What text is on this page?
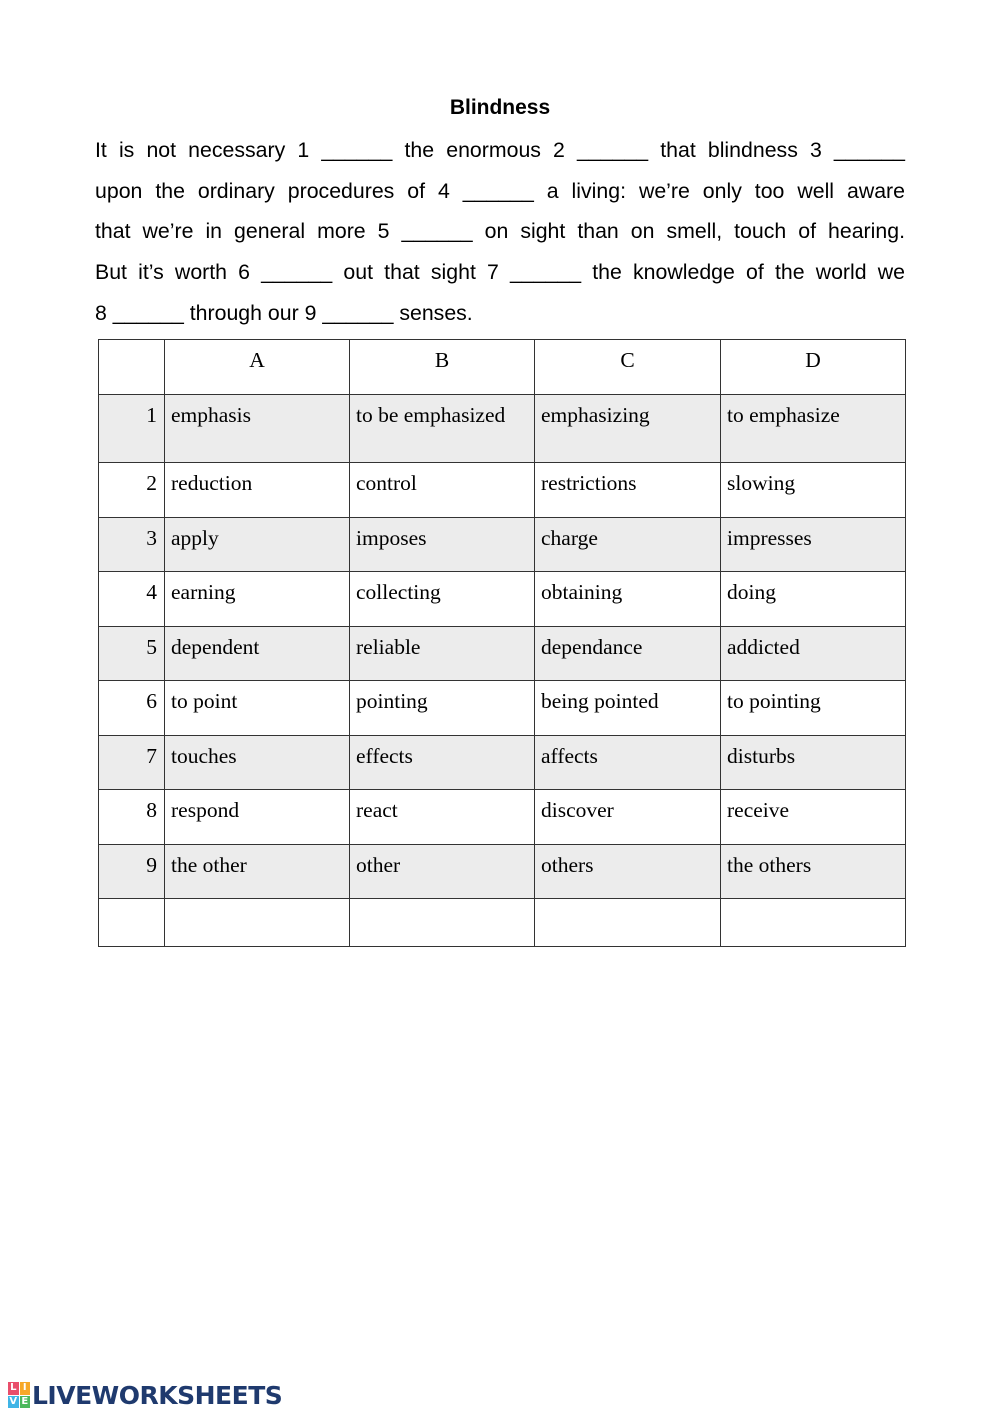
Blindness
It is not necessary 1 ______ the enormous 2 ______ that blindness 3 ______
upon the ordinary procedures of 4 ______ a living: we’re only too well aware
that we’re in general more 5 ______ on sight than on smell, touch of hearing.
But it’s worth 6 ______ out that sight 7 ______ the knowledge of the world we
8 ______ through our 9 ______ senses.
	A	B	C	D
1	emphasis	to be emphasized	emphasizing	to emphasize
2	reduction	control	restrictions	slowing
3	apply	imposes	charge	impresses
4	earning	collecting	obtaining	doing
5	dependent	reliable	dependance	addicted
6	to point	pointing	being pointed	to pointing
7	touches	effects	affects	disturbs
8	respond	react	discover	receive
9	the other	other	others	the others

L I
V E LIVEWORKSHEETS
